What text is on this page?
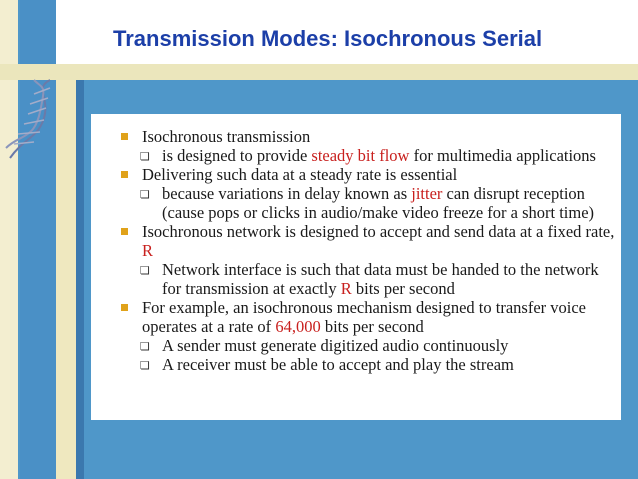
Transmission Modes: Isochronous Serial
Isochronous transmission
❏ is designed to provide steady bit flow for multimedia applications
Delivering such data at a steady rate is essential
❏ because variations in delay known as jitter can disrupt reception (cause pops or clicks in audio/make video freeze for a short time)
Isochronous network is designed to accept and send data at a fixed rate, R
❏ Network interface is such that data must be handed to the network for transmission at exactly R bits per second
For example, an isochronous mechanism designed to transfer voice operates at a rate of 64,000 bits per second
❏ A sender must generate digitized audio continuously
❏ A receiver must be able to accept and play the stream
